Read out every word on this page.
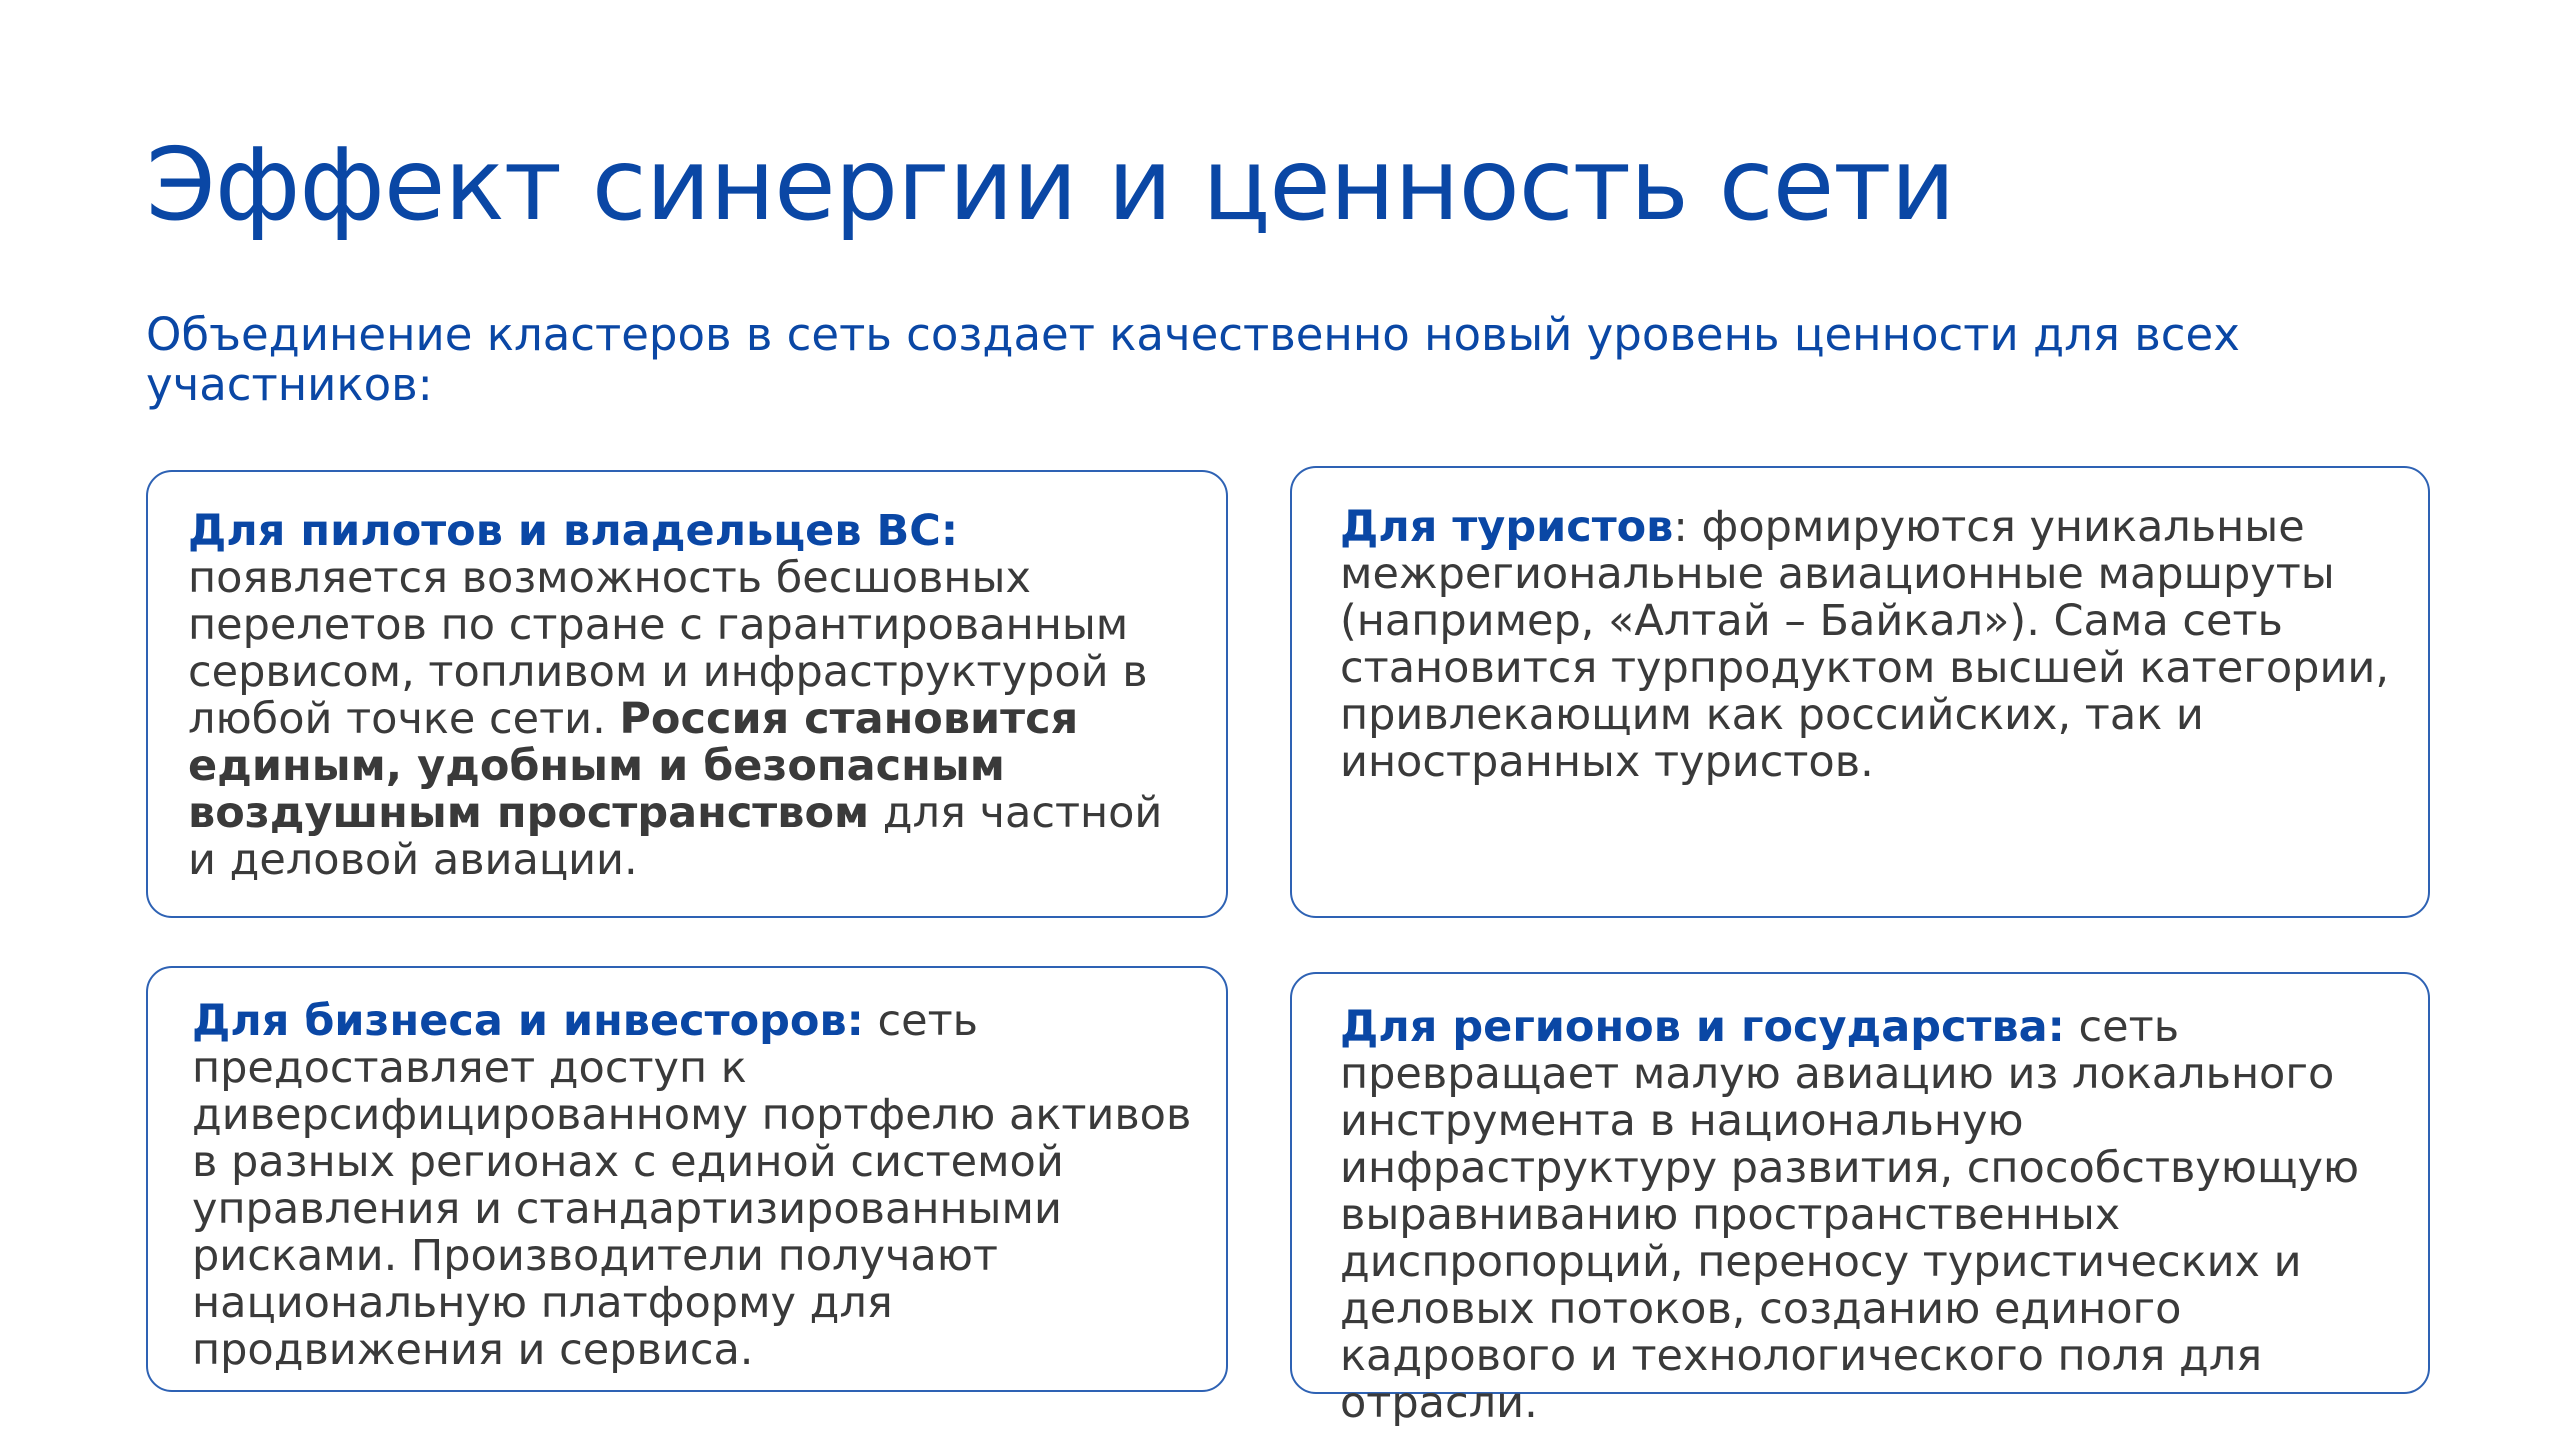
Эффект синергии и ценность сети

Объединение кластеров в сеть создает качественно новый уровень ценности для всех участников:

Для пилотов и владельцев ВС: появляется возможность бесшовных перелетов по стране с гарантированным сервисом, топливом и инфраструктурой в любой точке сети. Россия становится единым, удобным и безопасным воздушным пространством для частной и деловой авиации.

Для туристов: формируются уникальные межрегиональные авиационные маршруты (например, «Алтай – Байкал»). Сама сеть становится турпродуктом высшей категории, привлекающим как российских, так и иностранных туристов.

Для бизнеса и инвесторов: сеть предоставляет доступ к диверсифицированному портфелю активов в разных регионах с единой системой управления и стандартизированными рисками. Производители получают национальную платформу для продвижения и сервиса.

Для регионов и государства: сеть превращает малую авиацию из локального инструмента в национальную инфраструктуру развития, способствующую выравниванию пространственных диспропорций, переносу туристических и деловых потоков, созданию единого кадрового и технологического поля для отрасли.
